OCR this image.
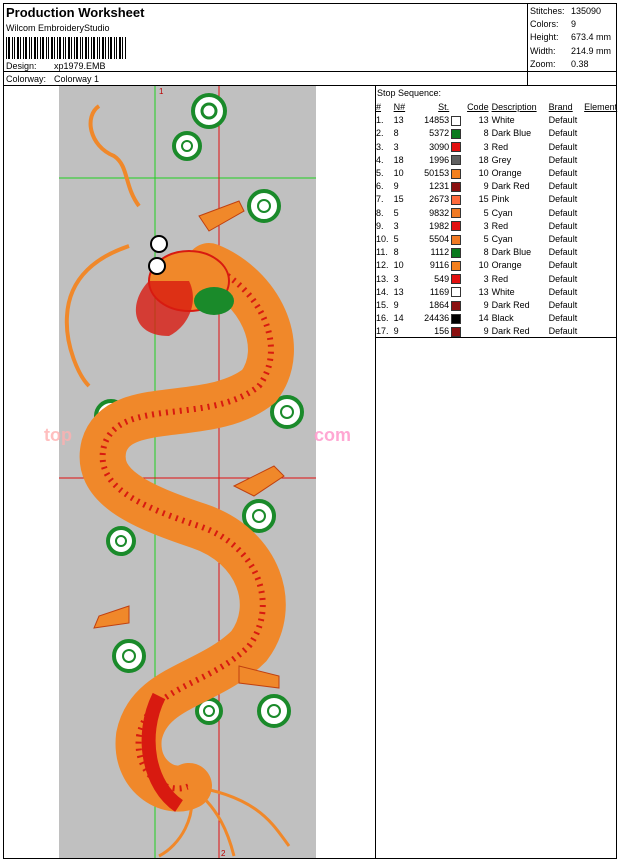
Production Worksheet
Wilcom EmbroideryStudio
Design: xp1979.EMB
Colorway: Colorway 1
Stitches: 135090
Colors: 9
Height: 673.4 mm
Width: 214.9 mm
Zoom: 0.38
Stop Sequence:
#	N#	St.		Code	Description	Brand	Element
1.	13	14853		13	White	Default	
2.	8	5372		8	Dark Blue	Default	
3.	3	3090		3	Red	Default	
4.	18	1996		18	Grey	Default	
5.	10	50153		10	Orange	Default	
6.	9	1231		9	Dark Red	Default	
7.	15	2673		15	Pink	Default	
8.	5	9832		5	Cyan	Default	
9.	3	1982		3	Red	Default	
10.	5	5504		5	Cyan	Default	
11.	8	1112		8	Dark Blue	Default	
12.	10	9116		10	Orange	Default	
13.	3	549		3	Red	Default	
14.	13	1169		13	White	Default	
15.	9	1864		9	Dark Red	Default	
16.	14	24436		14	Black	Default	
17.	9	156		9	Dark Red	Default	
top	com
1
2
